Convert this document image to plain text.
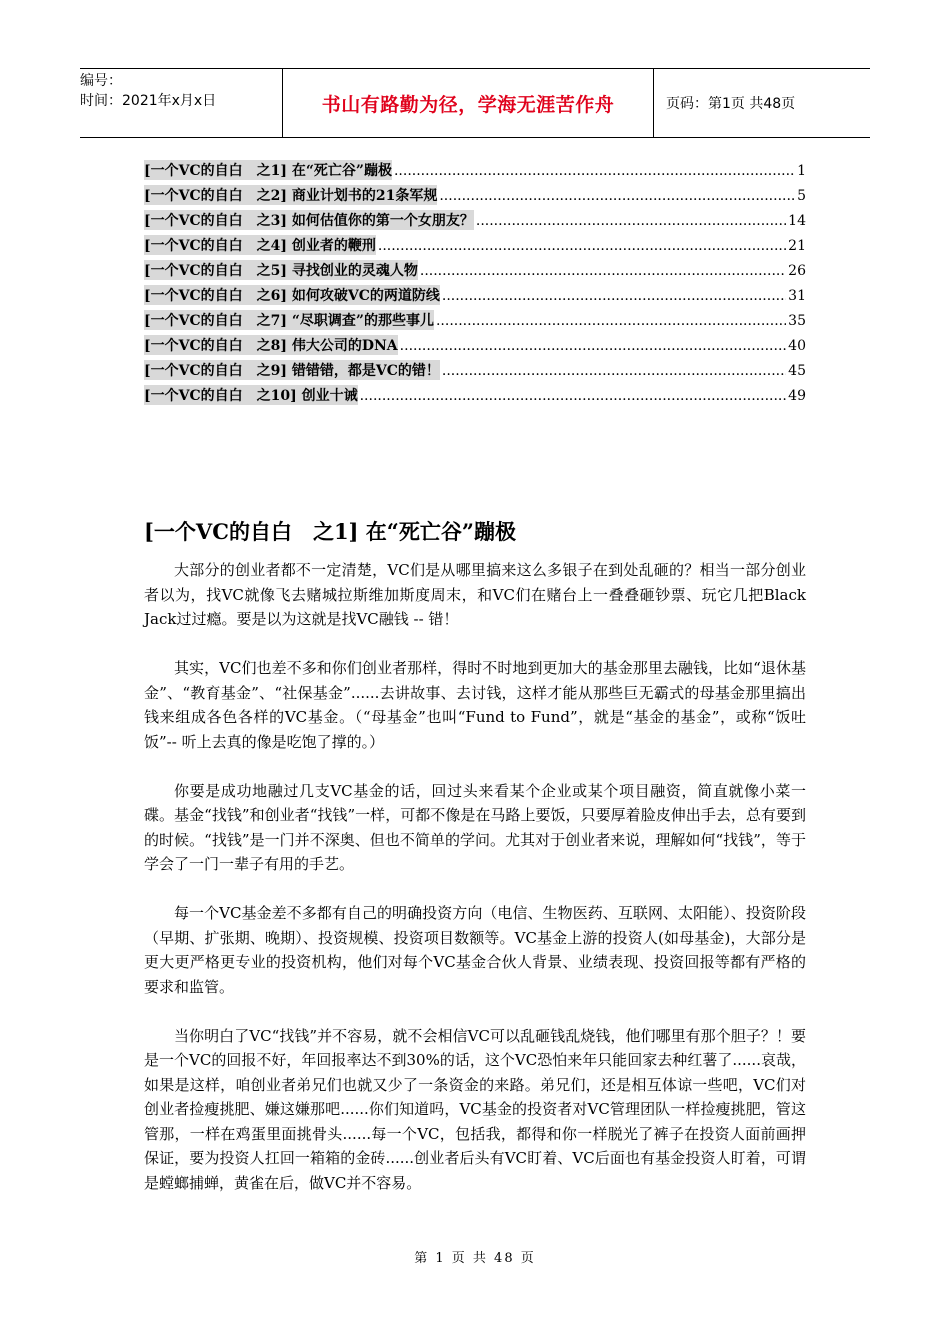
编号：
时间：2021年x月x日	书山有路勤为径，学海无涯苦作舟	页码：第1页 共48页
[一个VC的自白　之1] 在“死亡谷”蹦极 .....	1
[一个VC的自白　之2] 商业计划书的21条军规 .....	5
[一个VC的自白　之3] 如何估值你的第一个女朋友？ .....	14
[一个VC的自白　之4] 创业者的鞭刑 .....	21
[一个VC的自白　之5] 寻找创业的灵魂人物 .....	26
[一个VC的自白　之6] 如何攻破VC的两道防线 .....	31
[一个VC的自白　之7] “尽职调查”的那些事儿 .....	35
[一个VC的自白　之8] 伟大公司的DNA .....	40
[一个VC的自白　之9] 错错错，都是VC的错！ .....	45
[一个VC的自白　之10] 创业十诫 .....	49
[一个VC的自白　之1] 在“死亡谷”蹦极

大部分的创业者都不一定清楚，VC们是从哪里搞来这么多银子在到处乱砸的？相当一部分创业者以为，找VC就像飞去赌城拉斯维加斯度周末，和VC们在赌台上一叠叠砸钞票、玩它几把Black Jack过过瘾。要是以为这就是找VC融钱 -- 错！

其实，VC们也差不多和你们创业者那样，得时不时地到更加大的基金那里去融钱，比如“退休基金”、“教育基金”、“社保基金”......去讲故事、去讨钱，这样才能从那些巨无霸式的母基金那里搞出钱来组成各色各样的VC基金。（“母基金”也叫“Fund to Fund”，就是“基金的基金”，或称“饭吐饭”-- 听上去真的像是吃饱了撑的。）

你要是成功地融过几支VC基金的话，回过头来看某个企业或某个项目融资，简直就像小菜一碟。基金“找钱”和创业者“找钱”一样，可都不像是在马路上要饭，只要厚着脸皮伸出手去，总有要到的时候。“找钱”是一门并不深奥、但也不简单的学问。尤其对于创业者来说，理解如何“找钱”，等于学会了一门一辈子有用的手艺。

每一个VC基金差不多都有自己的明确投资方向（电信、生物医药、互联网、太阳能）、投资阶段（早期、扩张期、晚期）、投资规模、投资项目数额等。VC基金上游的投资人(如母基金)，大部分是更大更严格更专业的投资机构，他们对每个VC基金合伙人背景、业绩表现、投资回报等都有严格的要求和监管。

当你明白了VC“找钱”并不容易，就不会相信VC可以乱砸钱乱烧钱，他们哪里有那个胆子？！要是一个VC的回报不好，年回报率达不到30%的话，这个VC恐怕来年只能回家去种红薯了......哀哉，如果是这样，咱创业者弟兄们也就又少了一条资金的来路。弟兄们，还是相互体谅一些吧，VC们对创业者捡瘦挑肥、嫌这嫌那吧......你们知道吗，VC基金的投资者对VC管理团队一样捡瘦挑肥，管这管那，一样在鸡蛋里面挑骨头......每一个VC，包括我，都得和你一样脱光了裤子在投资人面前画押保证，要为投资人扛回一箱箱的金砖......创业者后头有VC盯着、VC后面也有基金投资人盯着，可谓是螳螂捕蝉，黄雀在后，做VC并不容易。

第 1 页 共 48 页
